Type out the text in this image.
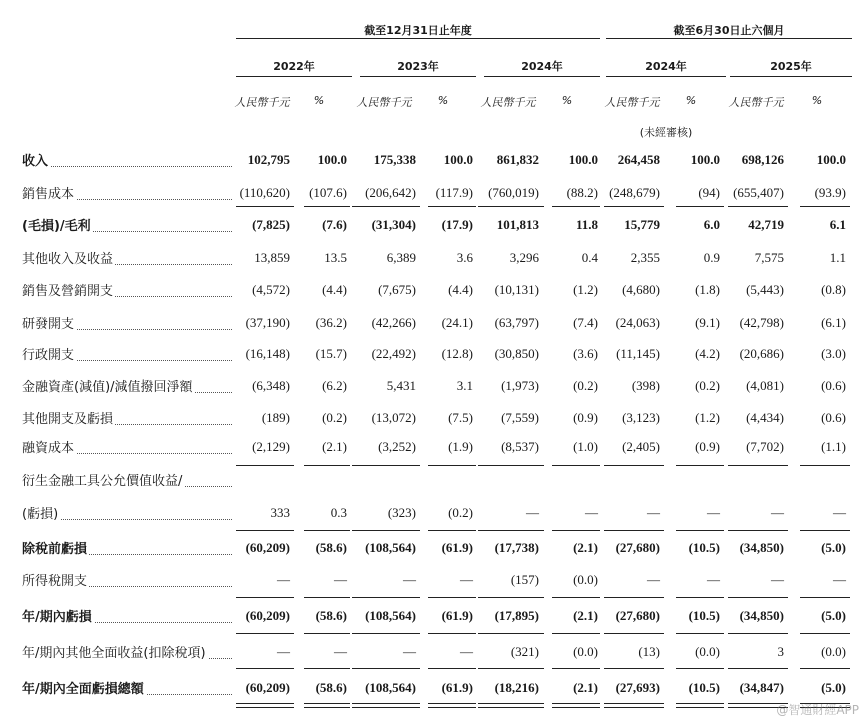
截至12月31日止年度	截至6月30日止六個月
2022年	2023年	2024年	2024年	2025年
人民幣千元	%	人民幣千元	%	人民幣千元	%	人民幣千元	%	人民幣千元	%
(未經審核)
收入	102,795	100.0	175,338	100.0	861,832	100.0	264,458	100.0	698,126	100.0
銷售成本	(110,620)	(107.6)	(206,642)	(117.9)	(760,019)	(88.2) (248,679)	(94)	(655,407)	(93.9)
(毛損)/毛利	(7,825)	(7.6)	(31,304)	(17.9)	101,813	11.8	15,779	6.0	42,719	6.1
其他收入及收益	13,859	13.5	6,389	3.6	3,296	0.4	2,355	0.9	7,575	1.1
銷售及營銷開支	(4,572)	(4.4)	(7,675)	(4.4)	(10,131)	(1.2)	(4,680)	(1.8)	(5,443)	(0.8)
研發開支	(37,190)	(36.2)	(42,266)	(24.1)	(63,797)	(7.4)	(24,063)	(9.1)	(42,798)	(6.1)
行政開支	(16,148)	(15.7)	(22,492)	(12.8)	(30,850)	(3.6)	(11,145)	(4.2)	(20,686)	(3.0)
金融資產(減值)/減值撥回淨額	(6,348)	(6.2)	5,431	3.1	(1,973)	(0.2)	(398)	(0.2)	(4,081)	(0.6)
其他開支及虧損	(189)	(0.2)	(13,072)	(7.5)	(7,559)	(0.9)	(3,123)	(1.2)	(4,434)	(0.6)
融資成本	(2,129)	(2.1)	(3,252)	(1.9)	(8,537)	(1.0)	(2,405)	(0.9)	(7,702)	(1.1)
衍生金融工具公允價值收益/
(虧損)	333	0.3	(323)	(0.2)	—	—	—	—	—	—
除稅前虧損	(60,209)	(58.6)	(108,564)	(61.9)	(17,738)	(2.1)	(27,680)	(10.5)	(34,850)	(5.0)
所得稅開支	—	—	—	—	(157)	(0.0)	—	—	—	—
年/期內虧損	(60,209)	(58.6)	(108,564)	(61.9)	(17,895)	(2.1)	(27,680)	(10.5)	(34,850)	(5.0)
年/期內其他全面收益(扣除稅項)	—	—	—	—	(321)	(0.0)	(13)	(0.0)	3	(0.0)
年/期內全面虧損總額	(60,209)	(58.6)	(108,564)	(61.9)	(18,216)	(2.1)	(27,693)	(10.5)	(34,847)	(5.0)
@智通財經APP
